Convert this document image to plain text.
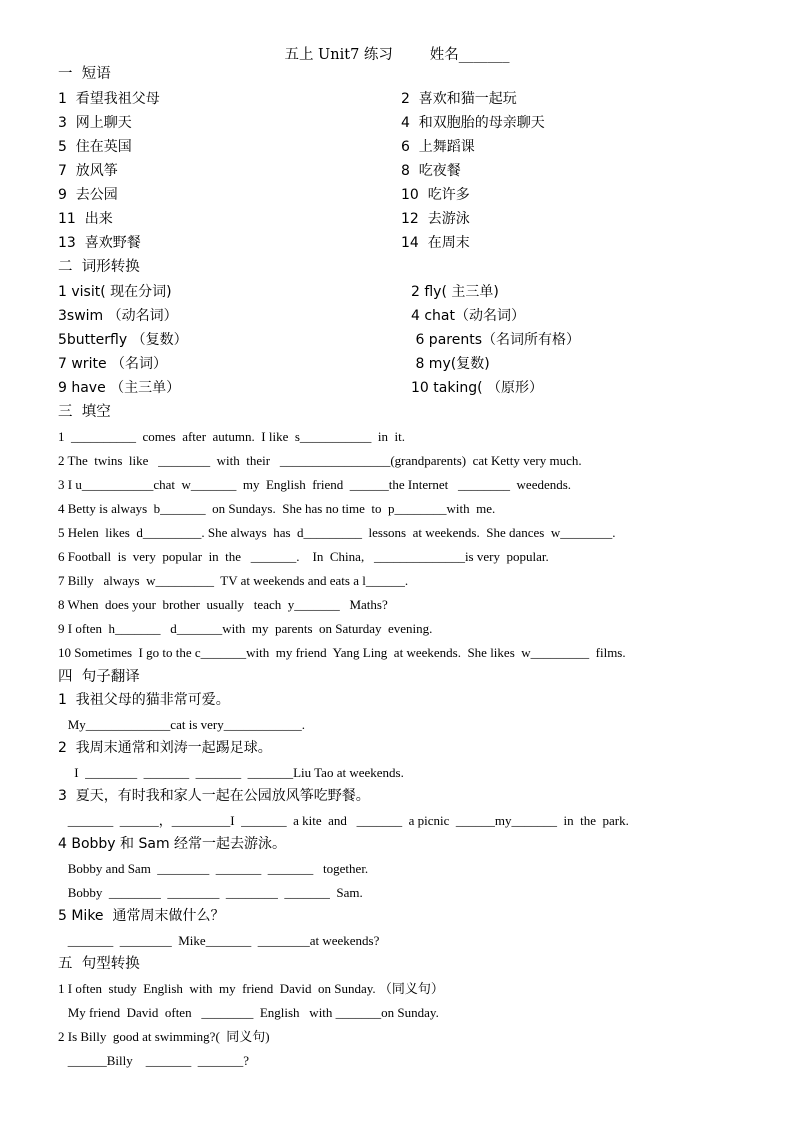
五上 Unit7 练习        姓名_______
一  短语
1  看望我祖父母	2  喜欢和猫一起玩
3  网上聊天	4  和双胞胎的母亲聊天
5  住在英国	6  上舞蹈课
7  放风筝	8  吃夜餐
9  去公园	10  吃许多
11  出来	12  去游泳
13  喜欢野餐	14  在周末
二  词形转换
1 visit( 现在分词)	2 fly( 主三单)
3swim （动名词）	4 chat（动名词）
5butterfly （复数）	6 parents（名词所有格）
7 write （名词）	8 my(复数)
9 have （主三单）	10 taking( （原形）
三  填空
1  __________  comes  after  autumn.  I like  s___________  in  it.
2 The  twins  like   ________  with  their   _________________(grandparents)  cat Ketty very much.
3 I u___________chat  w_______  my  English  friend  ______the Internet   ________  weedends.
4 Betty is always  b_______  on Sundays.  She has no time  to  p________with  me.
5 Helen  likes  d_________. She always  has  d_________  lessons  at weekends.  She dances  w________.
6 Football  is  very  popular  in  the   _______.    In  China,   ______________is very  popular.
7 Billy   always  w_________  TV at weekends and eats a l______.
8 When  does your  brother  usually   teach  y_______   Maths?
9 I often  h_______   d_______with  my  parents  on Saturday  evening.
10 Sometimes  I go to the c_______with  my friend  Yang Ling  at weekends.  She likes  w_________  films.
四  句子翻译
1  我祖父母的猫非常可爱。
My_____________cat is very____________.
2  我周末通常和刘涛一起踢足球。
I  ________  _______  _______  _______Liu Tao at weekends.
3  夏天，有时我和家人一起在公园放风筝吃野餐。
_______  ______，_________I  _______  a kite  and   _______  a picnic  ______my_______  in  the  park.
4 Bobby 和 Sam 经常一起去游泳。
Bobby and Sam  ________  _______  _______   together.
Bobby  ________  ________  ________  _______  Sam.
5 Mike  通常周末做什么？
_______  ________  Mike_______  ________at weekends?
五  句型转换
1 I often  study  English  with  my  friend  David  on Sunday. （同义句）
My friend  David  often   ________  English   with _______on Sunday.
2 Is Billy  good at swimming?(  同义句)
______Billy    _______  _______?
